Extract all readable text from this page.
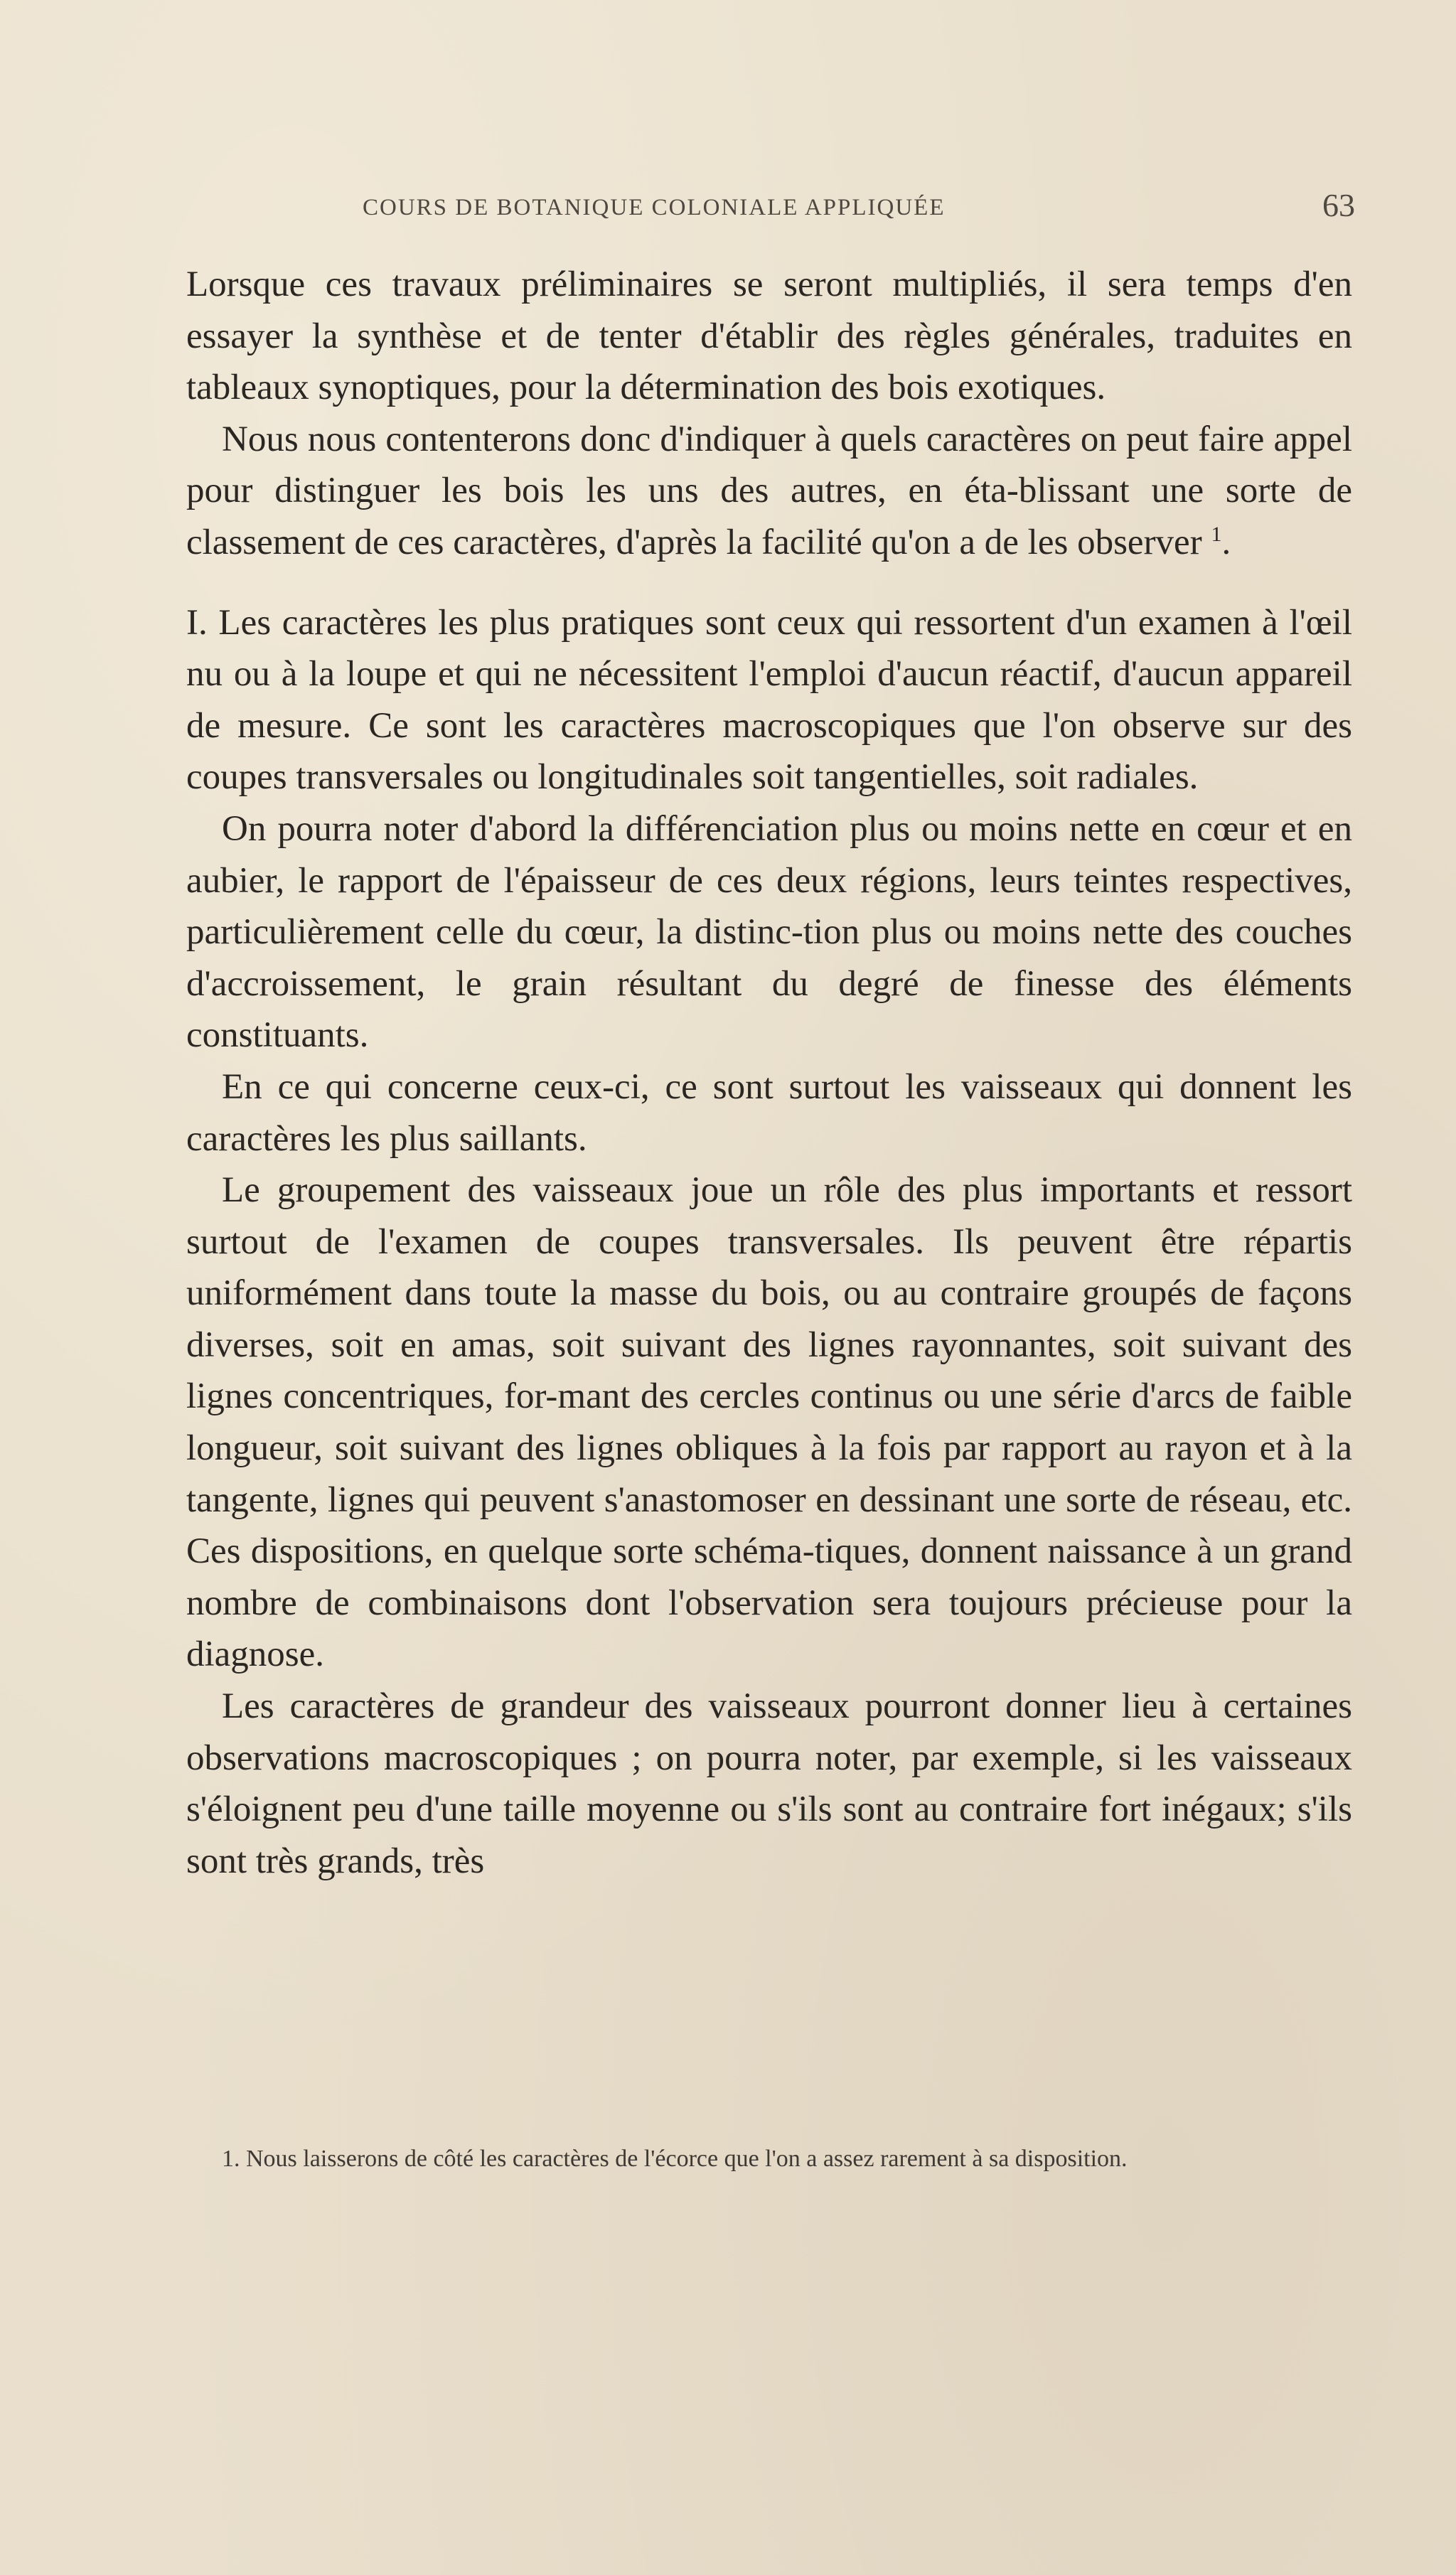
COURS DE BOTANIQUE COLONIALE APPLIQUÉE	63

Lorsque ces travaux préliminaires se seront multipliés, il sera temps d'en essayer la synthèse et de tenter d'établir des règles générales, traduites en tableaux synoptiques, pour la détermination des bois exotiques.

Nous nous contenterons donc d'indiquer à quels caractères on peut faire appel pour distinguer les bois les uns des autres, en éta-blissant une sorte de classement de ces caractères, d'après la facilité qu'on a de les observer $^1$.

I. Les caractères les plus pratiques sont ceux qui ressortent d'un examen à l'œil nu ou à la loupe et qui ne nécessitent l'emploi d'aucun réactif, d'aucun appareil de mesure. Ce sont les caractères macroscopiques que l'on observe sur des coupes transversales ou longitudinales soit tangentielles, soit radiales.

On pourra noter d'abord la différenciation plus ou moins nette en cœur et en aubier, le rapport de l'épaisseur de ces deux régions, leurs teintes respectives, particulièrement celle du cœur, la distinc-tion plus ou moins nette des couches d'accroissement, le grain résultant du degré de finesse des éléments constituants.

En ce qui concerne ceux-ci, ce sont surtout les vaisseaux qui donnent les caractères les plus saillants.

Le groupement des vaisseaux joue un rôle des plus importants et ressort surtout de l'examen de coupes transversales. Ils peuvent être répartis uniformément dans toute la masse du bois, ou au contraire groupés de façons diverses, soit en amas, soit suivant des lignes rayonnantes, soit suivant des lignes concentriques, for-mant des cercles continus ou une série d'arcs de faible longueur, soit suivant des lignes obliques à la fois par rapport au rayon et à la tangente, lignes qui peuvent s'anastomoser en dessinant une sorte de réseau, etc. Ces dispositions, en quelque sorte schéma-tiques, donnent naissance à un grand nombre de combinaisons dont l'observation sera toujours précieuse pour la diagnose.

Les caractères de grandeur des vaisseaux pourront donner lieu à certaines observations macroscopiques ; on pourra noter, par exemple, si les vaisseaux s'éloignent peu d'une taille moyenne ou s'ils sont au contraire fort inégaux; s'ils sont très grands, très

1. Nous laisserons de côté les caractères de l'écorce que l'on a assez rarement à sa disposition.
